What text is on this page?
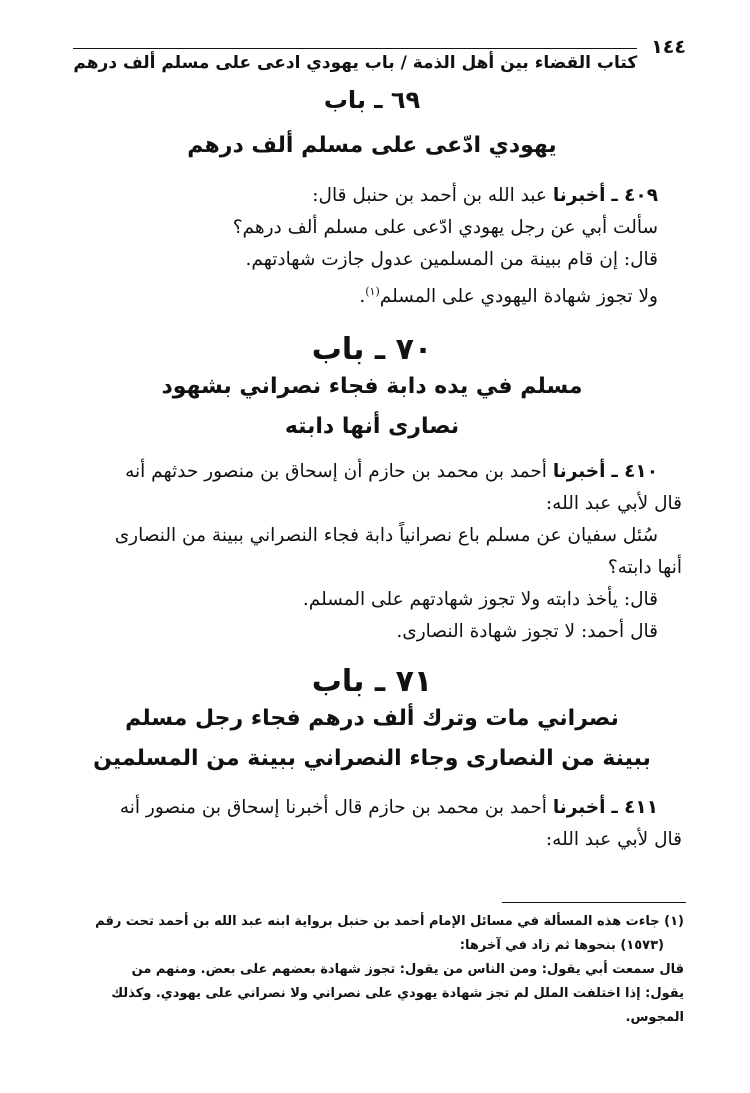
١٤٤
كتاب القضاء بين أهل الذمة / باب يهودي ادعى على مسلم ألف درهم
٦٩ ـ باب
يهودي ادّعى على مسلم ألف درهم
٤٠٩ ـ أخبرنا عبد الله بن أحمد بن حنبل قال:
سألت أبي عن رجل يهودي ادّعى على مسلم ألف درهم؟
قال: إن قام ببينة من المسلمين عدول جازت شهادتهم.
ولا تجوز شهادة اليهودي على المسلم$^{(١)}$.
٧٠ ـ باب
مسلم في يده دابة فجاء نصراني بشهود
نصارى أنها دابته
٤١٠ ـ أخبرنا أحمد بن محمد بن حازم أن إسحاق بن منصور حدثهم أنه
قال لأبي عبد الله:
سُئل سفيان عن مسلم باع نصرانياً دابة فجاء النصراني ببينة من النصارى
أنها دابته؟
قال: يأخذ دابته ولا تجوز شهادتهم على المسلم.
قال أحمد: لا تجوز شهادة النصارى.
٧١ ـ باب
نصراني مات وترك ألف درهم فجاء رجل مسلم
ببينة من النصارى وجاء النصراني ببينة من المسلمين
٤١١ ـ أخبرنا أحمد بن محمد بن حازم قال أخبرنا إسحاق بن منصور أنه
قال لأبي عبد الله:
(١) جاءت هذه المسألة في مسائل الإمام أحمد بن حنبل برواية ابنه عبد الله بن أحمد تحت رقم
(١٥٧٣) بنحوها ثم زاد في آخرها:
قال سمعت أبي يقول: ومن الناس من يقول: تجوز شهادة بعضهم على بعض. ومنهم من
يقول: إذا اختلفت الملل لم تجز شهادة يهودي على نصراني ولا نصراني على يهودي. وكذلك
المجوس.
